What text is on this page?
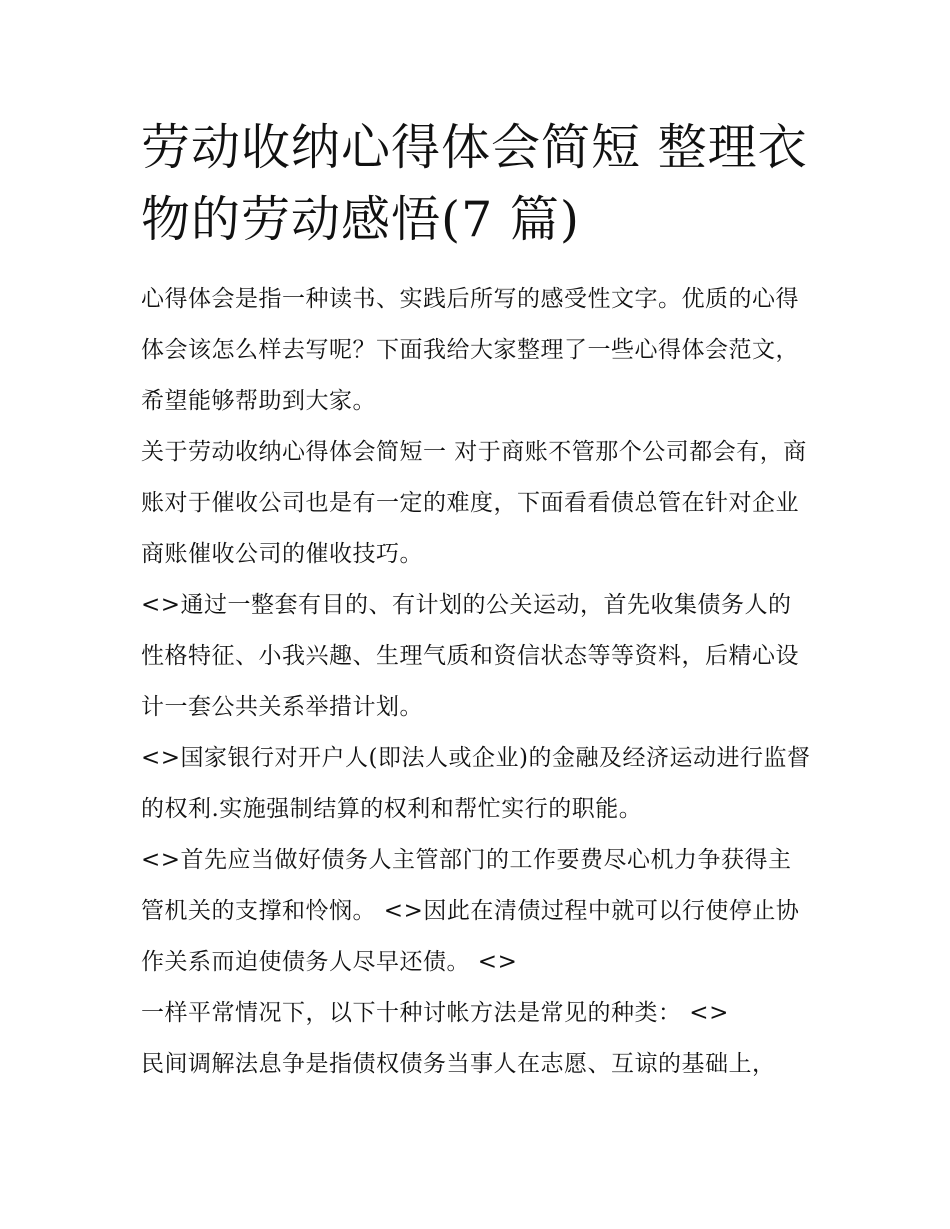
劳动收纳心得体会简短 整理衣物的劳动感悟(7 篇)

心得体会是指一种读书、实践后所写的感受性文字。优质的心得体会该怎么样去写呢？下面我给大家整理了一些心得体会范文，希望能够帮助到大家。

关于劳动收纳心得体会简短一 对于商账不管那个公司都会有，商账对于催收公司也是有一定的难度，下面看看债总管在针对企业商账催收公司的催收技巧。

<>通过一整套有目的、有计划的公关运动，首先收集债务人的性格特征、小我兴趣、生理气质和资信状态等等资料，后精心设计一套公共关系举措计划。

<>国家银行对开户人(即法人或企业)的金融及经济运动进行监督的权利.实施强制结算的权利和帮忙实行的职能。

<>首先应当做好债务人主管部门的工作要费尽心机力争获得主管机关的支撑和怜悯。 <>因此在清债过程中就可以行使停止协作关系而迫使债务人尽早还债。 <>

一样平常情况下，以下十种讨帐方法是常见的种类： <>

民间调解法息争是指债权债务当事人在志愿、互谅的基础上，
